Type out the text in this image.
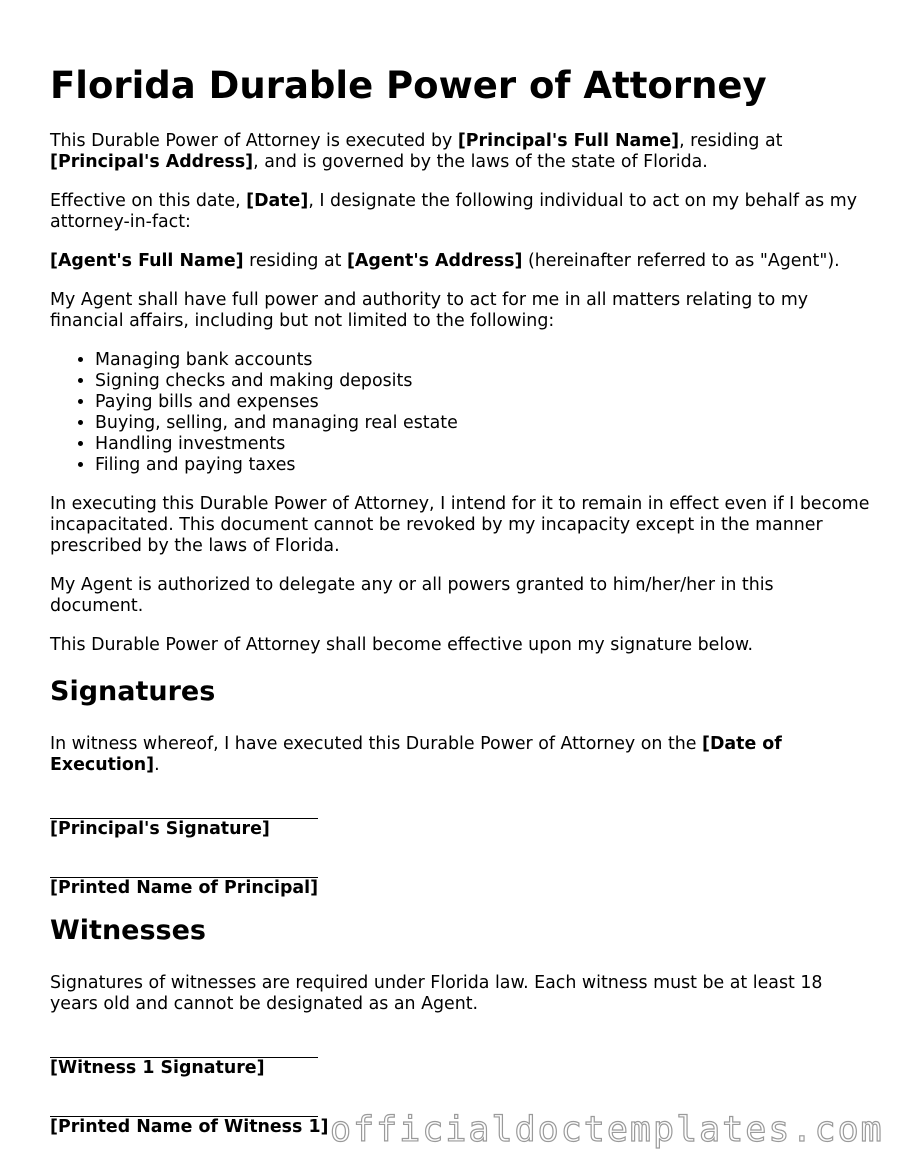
Florida Durable Power of Attorney

This Durable Power of Attorney is executed by [Principal's Full Name], residing at [Principal's Address], and is governed by the laws of the state of Florida.

Effective on this date, [Date], I designate the following individual to act on my behalf as my attorney-in-fact:

[Agent's Full Name] residing at [Agent's Address] (hereinafter referred to as "Agent").

My Agent shall have full power and authority to act for me in all matters relating to my financial affairs, including but not limited to the following:

• Managing bank accounts
• Signing checks and making deposits
• Paying bills and expenses
• Buying, selling, and managing real estate
• Handling investments
• Filing and paying taxes

In executing this Durable Power of Attorney, I intend for it to remain in effect even if I become incapacitated. This document cannot be revoked by my incapacity except in the manner prescribed by the laws of Florida.

My Agent is authorized to delegate any or all powers granted to him/her/her in this document.

This Durable Power of Attorney shall become effective upon my signature below.

Signatures

In witness whereof, I have executed this Durable Power of Attorney on the [Date of Execution].

[Principal's Signature]
[Printed Name of Principal]
Witnesses

Signatures of witnesses are required under Florida law. Each witness must be at least 18 years old and cannot be designated as an Agent.

[Witness 1 Signature]
[Printed Name of Witness 1] officialdoctemplates.com
